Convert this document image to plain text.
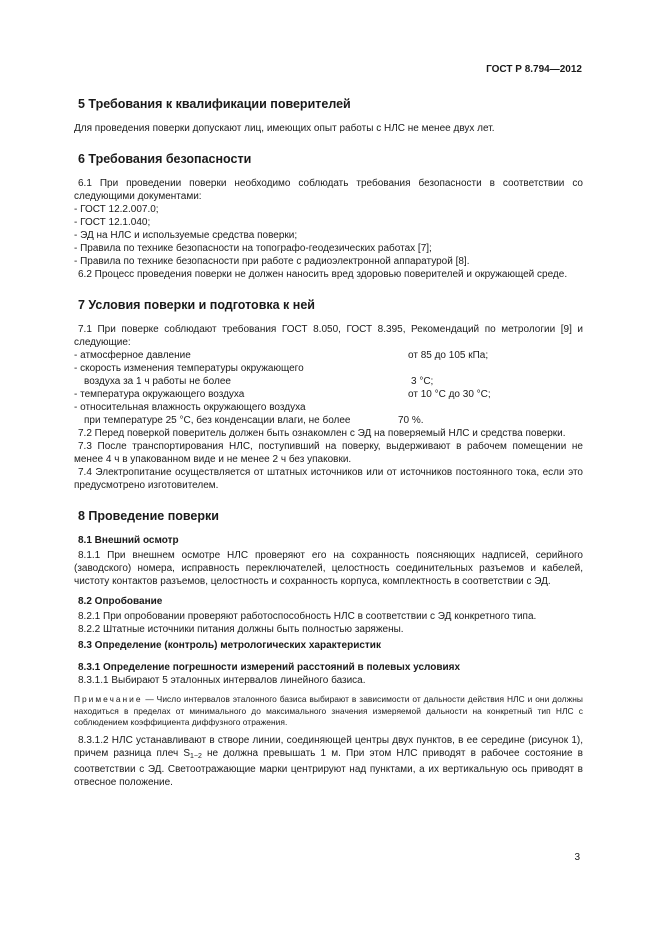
ГОСТ Р 8.794—2012
5 Требования к квалификации поверителей

Для проведения поверки допускают лиц, имеющих опыт работы с НЛС не менее двух лет.

6 Требования безопасности

6.1 При проведении поверки необходимо соблюдать требования безопасности в соответствии со следующими документами:

- ГОСТ 12.2.007.0;

- ГОСТ 12.1.040;

- ЭД на НЛС и используемые средства поверки;

- Правила по технике безопасности на топографо-геодезических работах [7];

- Правила по технике безопасности при работе с радиоэлектронной аппаратурой [8].

6.2 Процесс проведения поверки не должен наносить вред здоровью поверителей и окружающей среде.

7 Условия поверки и подготовка к ней

7.1 При поверке соблюдают требования ГОСТ 8.050, ГОСТ 8.395, Рекомендаций по метрологии [9] и следующие:

- атмосферное давление	от 85 до 105 кПа;
- скорость изменения температуры окружающего
воздуха за 1 ч работы не более	3 °С;
- температура окружающего воздуха	от 10 °С до 30 °С;
- относительная влажность окружающего воздуха
при температуре 25 °С, без конденсации влаги, не более	70 %.

7.2 Перед поверкой поверитель должен быть ознакомлен с ЭД на поверяемый НЛС и средства поверки.

7.3 После транспортирования НЛС, поступивший на поверку, выдерживают в рабочем помещении не менее 4 ч в упакованном виде и не менее 2 ч без упаковки.

7.4 Электропитание осуществляется от штатных источников или от источников постоянного тока, если это предусмотрено изготовителем.

8 Проведение поверки
8.1 Внешний осмотр

8.1.1 При внешнем осмотре НЛС проверяют его на сохранность поясняющих надписей, серийного (заводского) номера, исправность переключателей, целостность соединительных разъемов и кабелей, чистоту контактов разъемов, целостность и сохранность корпуса, комплектность в соответствии с ЭД.

8.2 Опробование

8.2.1 При опробовании проверяют работоспособность НЛС в соответствии с ЭД конкретного типа.

8.2.2 Штатные источники питания должны быть полностью заряжены.

8.3 Определение (контроль) метрологических характеристик
8.3.1 Определение погрешности измерений расстояний в полевых условиях

8.3.1.1 Выбирают 5 эталонных интервалов линейного базиса.

Примечание — Число интервалов эталонного базиса выбирают в зависимости от дальности действия НЛС и они должны находиться в пределах от минимального до максимального значения измеряемой дальности на конкретный тип НЛС с соблюдением коэффициента диффузного отражения.

8.3.1.2 НЛС устанавливают в створе линии, соединяющей центры двух пунктов, в ее середине (рисунок 1), причем разница плеч $S_{1-2}$ не должна превышать 1 м. При этом НЛС приводят в рабочее состояние в соответствии с ЭД. Светоотражающие марки центрируют над пунктами, а их вертикальную ось приводят в отвесное положение.

3
